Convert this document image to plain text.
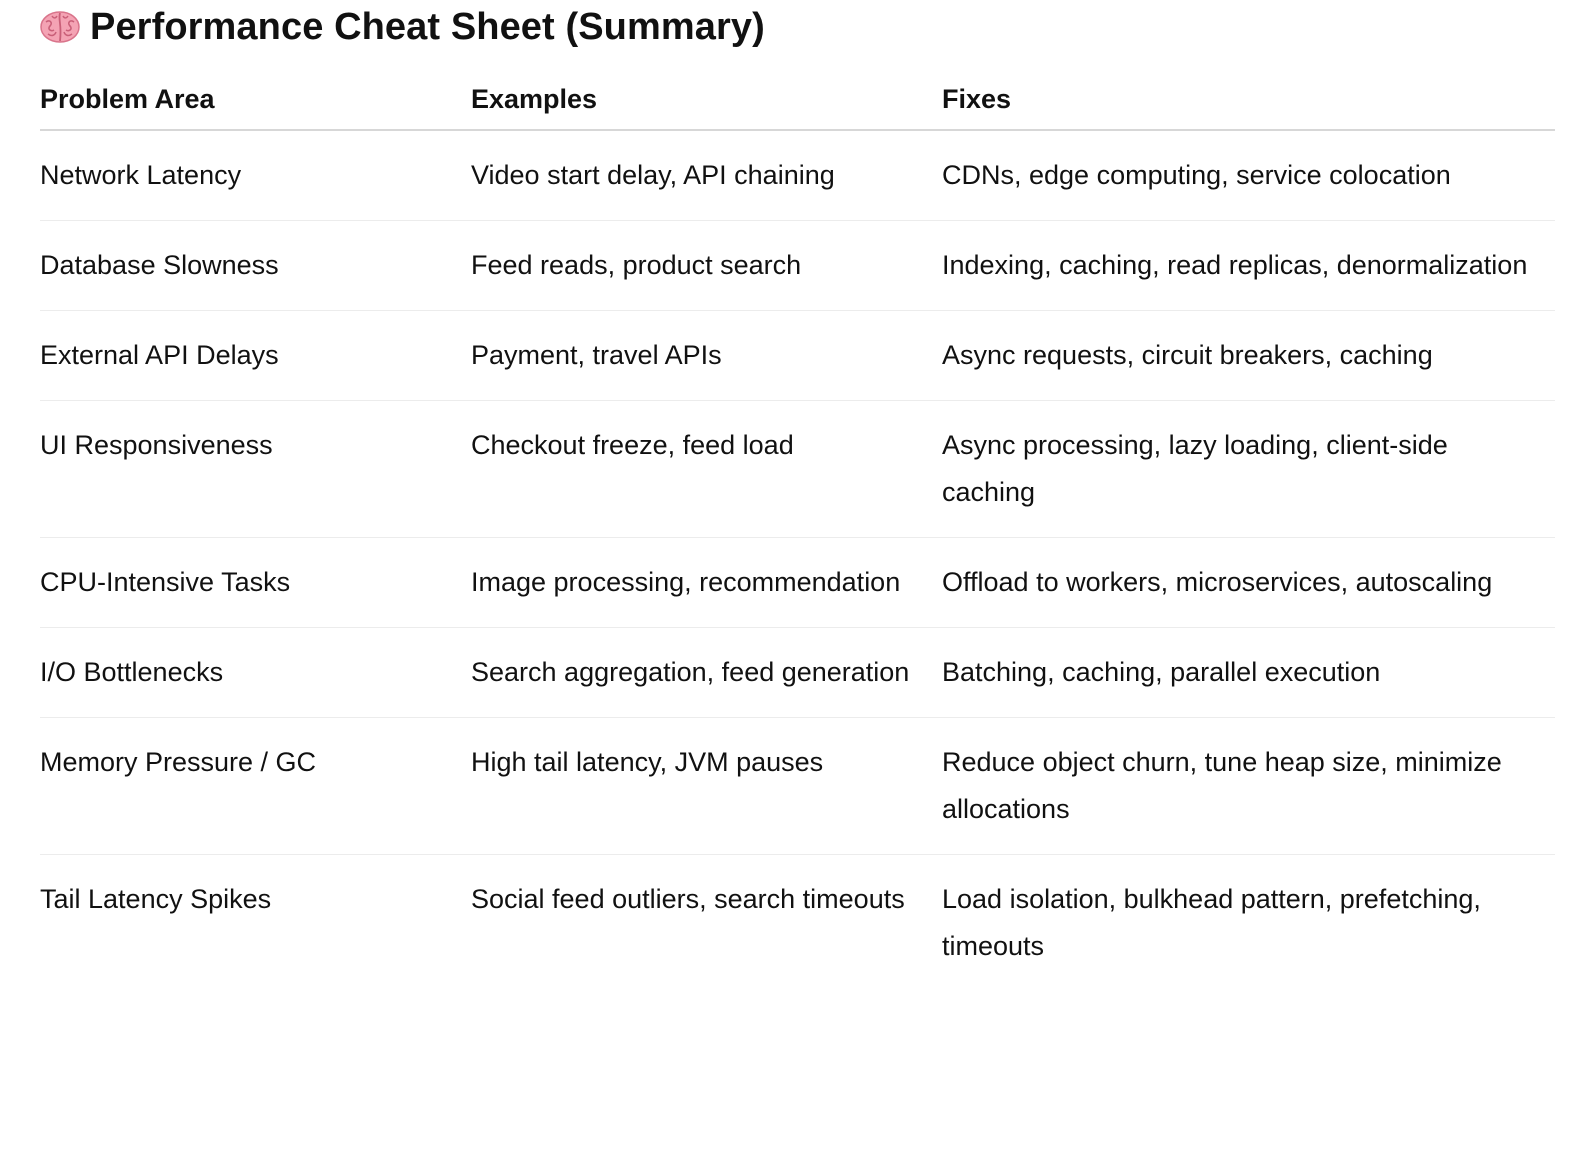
Performance Cheat Sheet (Summary)
Problem Area	Examples	Fixes
Network Latency	Video start delay, API chaining	CDNs, edge computing, service colocation
Database Slowness	Feed reads, product search	Indexing, caching, read replicas, denormalization
External API Delays	Payment, travel APIs	Async requests, circuit breakers, caching
UI Responsiveness	Checkout freeze, feed load	Async processing, lazy loading, client-side caching
CPU-Intensive Tasks	Image processing, recommendation	Offload to workers, microservices, autoscaling
I/O Bottlenecks	Search aggregation, feed generation	Batching, caching, parallel execution
Memory Pressure / GC	High tail latency, JVM pauses	Reduce object churn, tune heap size, minimize allocations
Tail Latency Spikes	Social feed outliers, search timeouts	Load isolation, bulkhead pattern, prefetching, timeouts
